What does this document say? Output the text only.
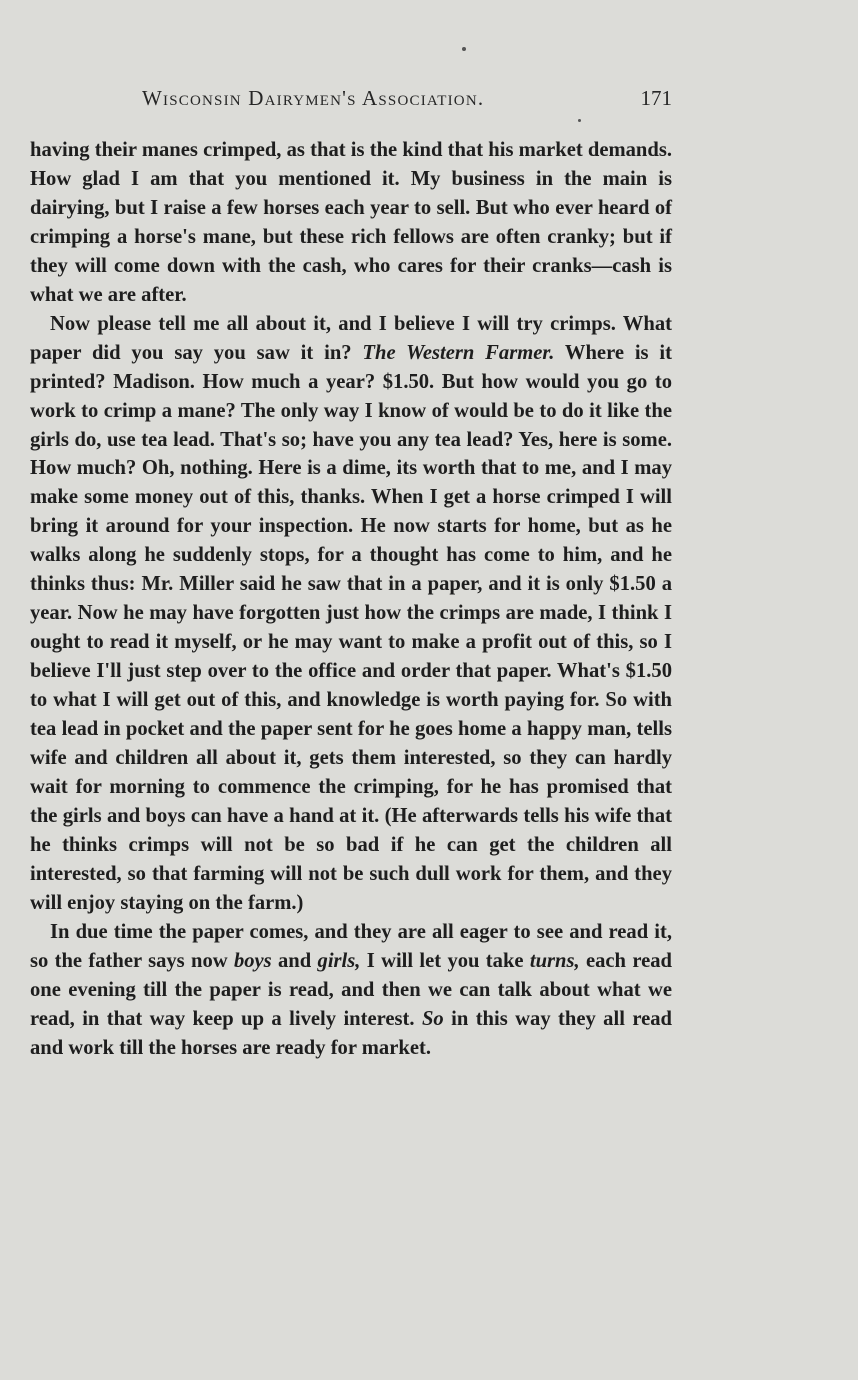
Wisconsin Dairymen's Association.	171

having their manes crimped, as that is the kind that his market demands. How glad I am that you mentioned it. My business in the main is dairying, but I raise a few horses each year to sell. But who ever heard of crimping a horse's mane, but these rich fellows are often cranky; but if they will come down with the cash, who cares for their cranks—cash is what we are after.

Now please tell me all about it, and I believe I will try crimps. What paper did you say you saw it in? The Western Farmer. Where is it printed? Madison. How much a year? $1.50. But how would you go to work to crimp a mane? The only way I know of would be to do it like the girls do, use tea lead. That's so; have you any tea lead? Yes, here is some. How much? Oh, nothing. Here is a dime, its worth that to me, and I may make some money out of this, thanks. When I get a horse crimped I will bring it around for your inspection. He now starts for home, but as he walks along he suddenly stops, for a thought has come to him, and he thinks thus: Mr. Miller said he saw that in a paper, and it is only $1.50 a year. Now he may have forgotten just how the crimps are made, I think I ought to read it myself, or he may want to make a profit out of this, so I believe I'll just step over to the office and order that paper. What's $1.50 to what I will get out of this, and knowledge is worth paying for. So with tea lead in pocket and the paper sent for he goes home a happy man, tells wife and children all about it, gets them interested, so they can hardly wait for morning to commence the crimping, for he has promised that the girls and boys can have a hand at it. (He afterwards tells his wife that he thinks crimps will not be so bad if he can get the children all interested, so that farming will not be such dull work for them, and they will enjoy staying on the farm.)

In due time the paper comes, and they are all eager to see and read it, so the father says now boys and girls, I will let you take turns, each read one evening till the paper is read, and then we can talk about what we read, in that way keep up a lively interest. So in this way they all read and work till the horses are ready for market.
